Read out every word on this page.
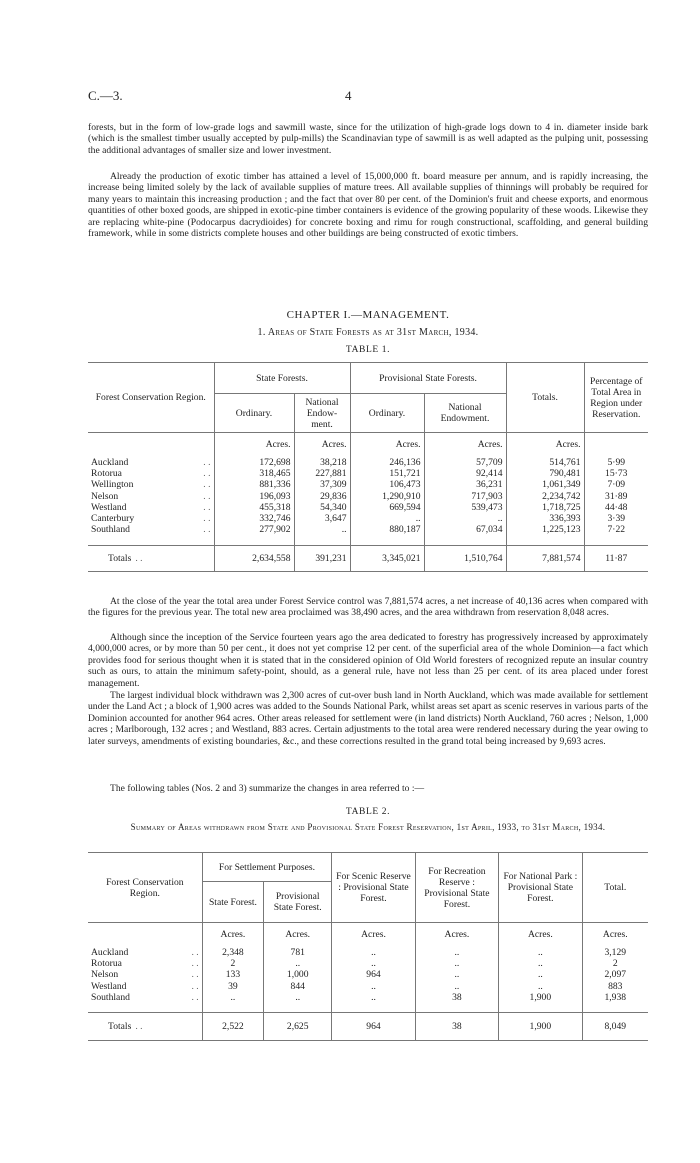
C.—3.	4

forests, but in the form of low-grade logs and sawmill waste, since for the utilization of high-grade logs down to 4 in. diameter inside bark (which is the smallest timber usually accepted by pulp-mills) the Scandinavian type of sawmill is as well adapted as the pulping unit, possessing the additional advantages of smaller size and lower investment.

Already the production of exotic timber has attained a level of 15,000,000 ft. board measure per annum, and is rapidly increasing, the increase being limited solely by the lack of available supplies of mature trees. All available supplies of thinnings will probably be required for many years to maintain this increasing production ; and the fact that over 80 per cent. of the Dominion's fruit and cheese exports, and enormous quantities of other boxed goods, are shipped in exotic-pine timber containers is evidence of the growing popularity of these woods. Likewise they are replacing white-pine (Podocarpus dacrydioides) for concrete boxing and rimu for rough constructional, scaffolding, and general building framework, while in some districts complete houses and other buildings are being constructed of exotic timbers.

CHAPTER I.—MANAGEMENT.

1. Areas of State Forests as at 31st March, 1934.

TABLE 1.

Forest Conservation Region.	State Forests.		Provisional State Forests.		Totals.	Percentage of Total Area in Region under Reservation.
	Ordinary.	National Endow-ment.	Ordinary.	National Endowment.		
	Acres.	Acres.	Acres.	Acres.	Acres.	
Auckland . .	172,698	38,218	246,136	57,709	514,761	5·99
Rotorua . .	318,465	227,881	151,721	92,414	790,481	15·73
Wellington . .	881,336	37,309	106,473	36,231	1,061,349	7·09
Nelson . .	196,093	29,836	1,290,910	717,903	2,234,742	31·89
Westland . .	455,318	54,340	669,594	539,473	1,718,725	44·48
Canterbury . .	332,746	3,647	..	..	336,393	3·39
Southland . .	277,902	..	880,187	67,034	1,225,123	7·22

Totals . .	2,634,558	391,231	3,345,021	1,510,764	7,881,574	11·87

At the close of the year the total area under Forest Service control was 7,881,574 acres, a net increase of 40,136 acres when compared with the figures for the previous year. The total new area proclaimed was 38,490 acres, and the area withdrawn from reservation 8,048 acres.

Although since the inception of the Service fourteen years ago the area dedicated to forestry has progressively increased by approximately 4,000,000 acres, or by more than 50 per cent., it does not yet comprise 12 per cent. of the superficial area of the whole Dominion—a fact which provides food for serious thought when it is stated that in the considered opinion of Old World foresters of recognized repute an insular country such as ours, to attain the minimum safety-point, should, as a general rule, have not less than 25 per cent. of its area placed under forest management.

The largest individual block withdrawn was 2,300 acres of cut-over bush land in North Auckland, which was made available for settlement under the Land Act ; a block of 1,900 acres was added to the Sounds National Park, whilst areas set apart as scenic reserves in various parts of the Dominion accounted for another 964 acres. Other areas released for settlement were (in land districts) North Auckland, 760 acres ; Nelson, 1,000 acres ; Marlborough, 132 acres ; and Westland, 883 acres. Certain adjustments to the total area were rendered necessary during the year owing to later surveys, amendments of existing boundaries, &c., and these corrections resulted in the grand total being increased by 9,693 acres.

The following tables (Nos. 2 and 3) summarize the changes in area referred to :—

TABLE 2.

Summary of Areas withdrawn from State and Provisional State Forest Reservation, 1st April, 1933, to 31st March, 1934.

Forest Conservation Region.	For Settlement Purposes.		For Scenic Reserve : Provisional State Forest.	For Recreation Reserve : Provisional State Forest.	For National Park : Provisional State Forest.	Total.
	State Forest.	Provisional State Forest.				
	Acres.	Acres.	Acres.	Acres.	Acres.	Acres.
Auckland . .	2,348	781	..	..	..	3,129
Rotorua . .	2	..	..	..	..	2
Nelson . .	133	1,000	964	..	..	2,097
Westland . .	39	844	..	..	..	883
Southland . .	..	..	..	38	1,900	1,938

Totals . .	2,522	2,625	964	38	1,900	8,049
